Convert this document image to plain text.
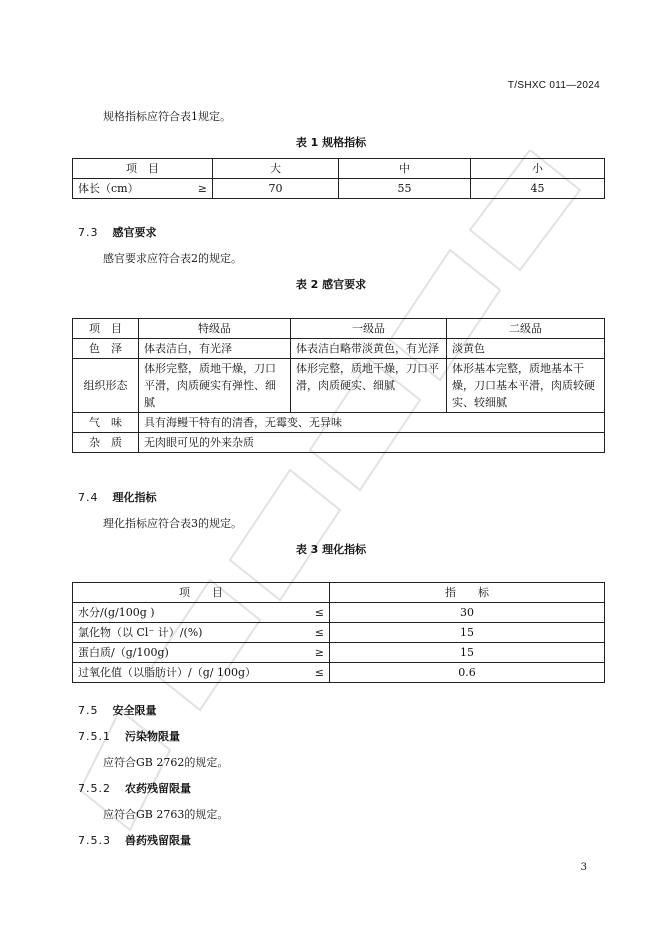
T/SHXC 011—2024
规格指标应符合表1规定。
表 1 规格指标
项　目	大	中	小

体长（cm） ≥	70	55	45
7.3 感官要求
感官要求应符合表2的规定。
表 2 感官要求
项　目	特级品	一级品	二级品
色　泽	体表洁白，有光泽	体表洁白略带淡黄色，有光泽	淡黄色
组织形态	体形完整，质地干燥，刀口平滑，肉质硬实有弹性、细腻	体形完整，质地干燥，刀口平滑，肉质硬实、细腻	体形基本完整，质地基本干燥，刀口基本平滑，肉质较硬实、较细腻
气　味	具有海鳗干特有的清香，无霉变、无异味		
杂　质	无肉眼可见的外来杂质		
7.4 理化指标
理化指标应符合表3的规定。
表 3 理化指标
项　　目	指　　标

水分/(g/100g ) ≤	30

氯化物（以 Cl⁻ 计）/(%) ≤	15

蛋白质/（g/100g) ≥	15

过氧化值（以脂肪计）/（g/ 100g） ≤	0.6
7.5 安全限量
7.5.1 污染物限量
应符合GB 2762的规定。
7.5.2 农药残留限量
应符合GB 2763的规定。
7.5.3 兽药残留限量
3
